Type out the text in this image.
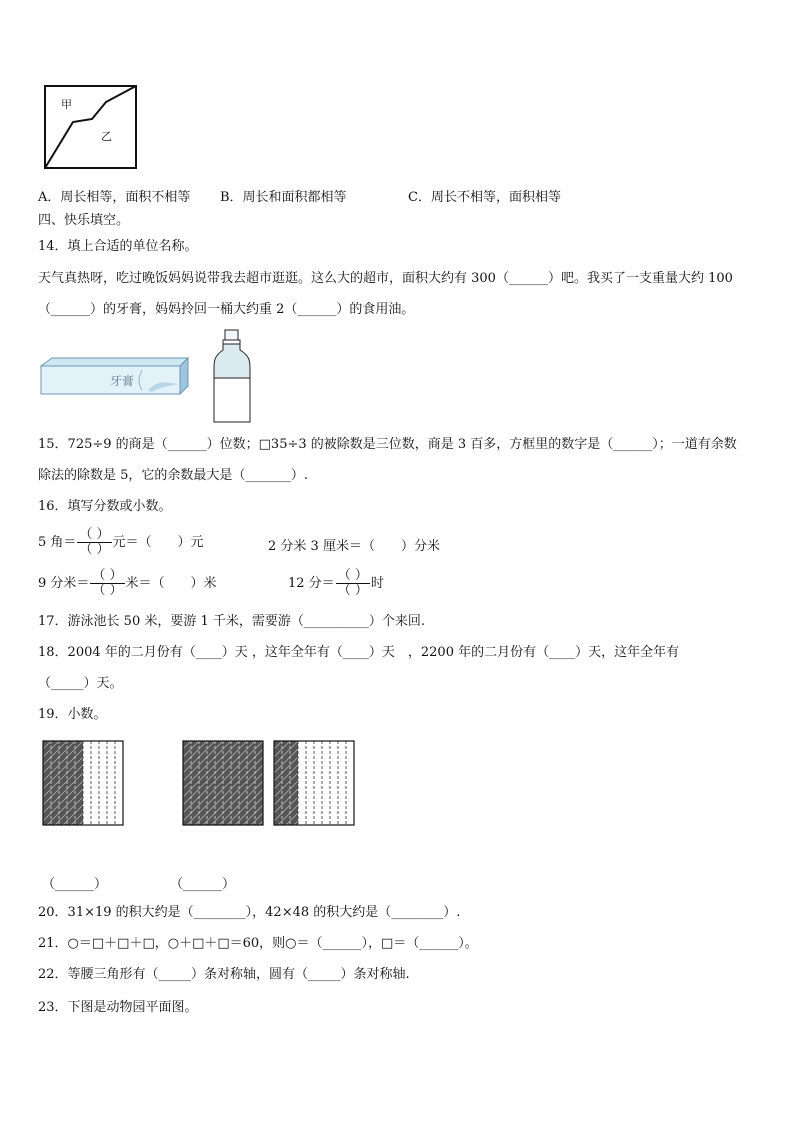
甲
乙
A．周长相等，面积不相等 B．周长和面积都相等	C．周长不相等，面积相等
四、快乐填空。
14．填上合适的单位名称。
天气真热呀，吃过晚饭妈妈说带我去超市逛逛。这么大的超市，面积大约有 300（______）吧。我买了一支重量大约 100
（______）的牙膏，妈妈拎回一桶大约重 2（______）的食用油。
牙膏
15．725÷9 的商是（______）位数；□35÷3 的被除数是三位数，商是 3 百多，方框里的数字是（______）；一道有余数
除法的除数是 5，它的余数最大是（_______）.
16．填写分数或小数。
5 角＝ $\frac{( )}{( )}$ 元＝（　　）元	2 分米 3 厘米＝（　　）分米
9 分米＝ $\frac{( )}{( )}$ 米＝（　　）米	12 分＝ $\frac{( )}{( )}$ 时
17．游泳池长 50 米，要游 1 千米，需要游（__________）个来回.
18．2004 年的二月份有（____）天 ，这年全年有（____）天　，2200 年的二月份有（____）天，这年全年有
（_____）天。
19．小数。
（______）	（______）
20．31×19 的积大约是（________），42×48 的积大约是（________）.
21．○＝□＋□＋□，○＋□＋□＝60，则○＝（______），□＝（______）。
22．等腰三角形有（_____）条对称轴，圆有（_____）条对称轴.
23．下图是动物园平面图。
